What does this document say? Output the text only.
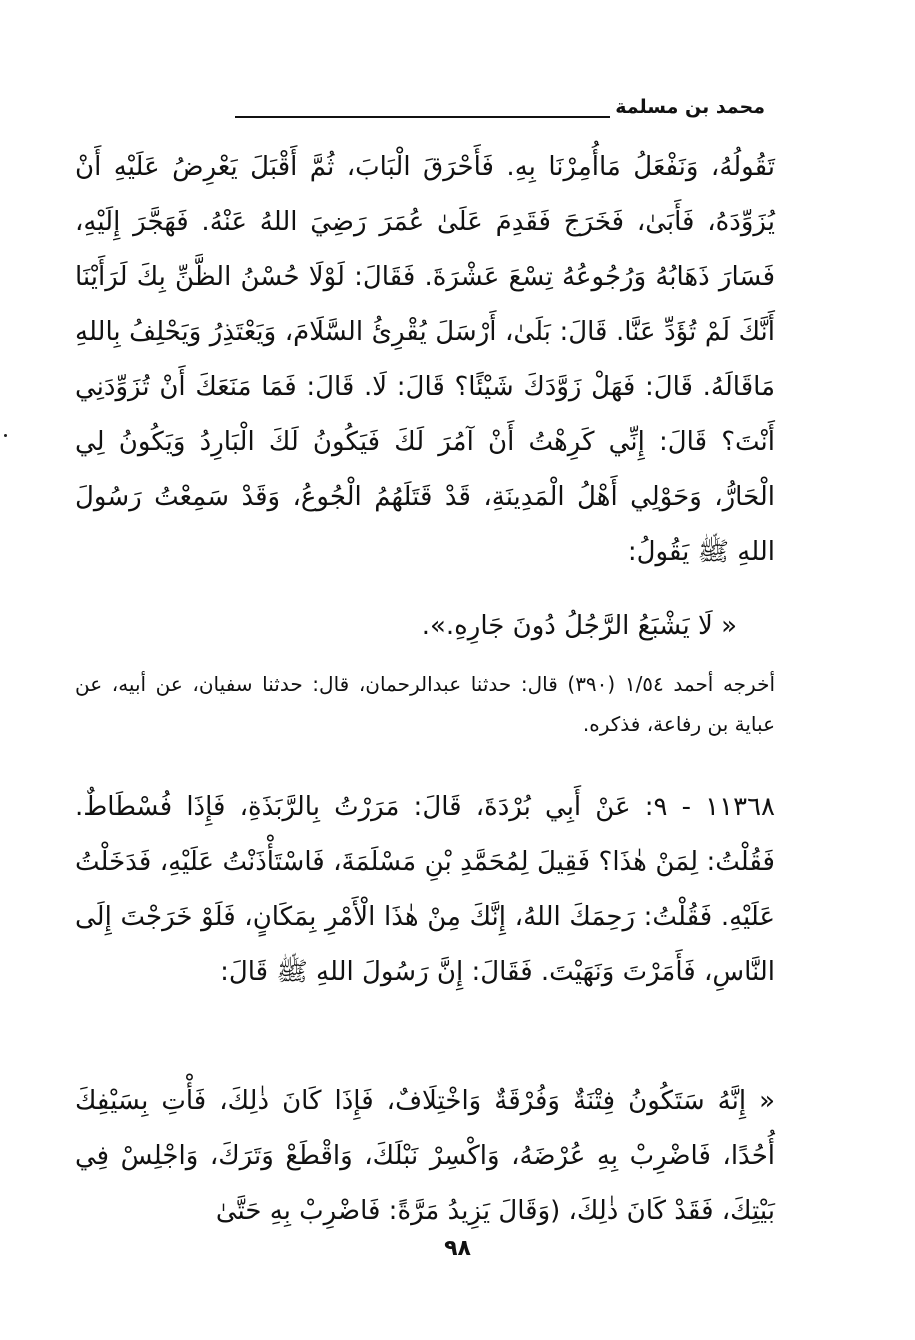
محمد بن مسلمة
تَقُولُهُ، وَنَفْعَلُ مَاأُمِرْنَا بِهِ. فَأَحْرَقَ الْبَابَ، ثُمَّ أَقْبَلَ يَعْرِضُ عَلَيْهِ أَنْ يُزَوِّدَهُ، فَأَبَىٰ، فَخَرَجَ فَقَدِمَ عَلَىٰ عُمَرَ رَضِيَ اللهُ عَنْهُ. فَهَجَّرَ إِلَيْهِ، فَسَارَ ذَهَابُهُ وَرُجُوعُهُ تِسْعَ عَشْرَةَ. فَقَالَ: لَوْلَا حُسْنُ الظَّنِّ بِكَ لَرَأَيْنَا أَنَّكَ لَمْ تُؤَدِّ عَنَّا. قَالَ: بَلَىٰ، أَرْسَلَ يُقْرِئُ السَّلَامَ، وَيَعْتَذِرُ وَيَحْلِفُ بِاللهِ مَاقَالَهُ. قَالَ: فَهَلْ زَوَّدَكَ شَيْئًا؟ قَالَ: لَا. قَالَ: فَمَا مَنَعَكَ أَنْ تُزَوِّدَنِي أَنْتَ؟ قَالَ: إِنِّي كَرِهْتُ أَنْ آمُرَ لَكَ فَيَكُونُ لَكَ الْبَارِدُ وَيَكُونُ لِي الْحَارُّ، وَحَوْلِي أَهْلُ الْمَدِينَةِ، قَدْ قَتَلَهُمُ الْجُوعُ، وَقَدْ سَمِعْتُ رَسُولَ اللهِ ﷺ يَقُولُ:
« لَا يَشْبَعُ الرَّجُلُ دُونَ جَارِهِ.».
أخرجه أحمد ١/٥٤ (٣٩٠) قال: حدثنا عبدالرحمان، قال: حدثنا سفيان، عن أبيه، عن عباية بن رفاعة، فذكره.
١١٣٦٨ - ٩: عَنْ أَبِي بُرْدَةَ، قَالَ: مَرَرْتُ بِالرَّبَذَةِ، فَإِذَا فُسْطَاطٌ. فَقُلْتُ: لِمَنْ هٰذَا؟ فَقِيلَ لِمُحَمَّدِ بْنِ مَسْلَمَةَ، فَاسْتَأْذَنْتُ عَلَيْهِ، فَدَخَلْتُ عَلَيْهِ. فَقُلْتُ: رَحِمَكَ اللهُ، إِنَّكَ مِنْ هٰذَا الْأَمْرِ بِمَكَانٍ، فَلَوْ خَرَجْتَ إِلَى النَّاسِ، فَأَمَرْتَ وَنَهَيْتَ. فَقَالَ: إِنَّ رَسُولَ اللهِ ﷺ قَالَ:
« إِنَّهُ سَتَكُونُ فِتْنَةٌ وَفُرْقَةٌ وَاخْتِلَافٌ، فَإِذَا كَانَ ذٰلِكَ، فَأْتِ بِسَيْفِكَ أُحُدًا، فَاضْرِبْ بِهِ عُرْضَهُ، وَاكْسِرْ نَبْلَكَ، وَاقْطَعْ وَتَرَكَ، وَاجْلِسْ فِي بَيْتِكَ، فَقَدْ كَانَ ذٰلِكَ، (وَقَالَ يَزِيدُ مَرَّةً: فَاضْرِبْ بِهِ حَتَّىٰ
٩٨
